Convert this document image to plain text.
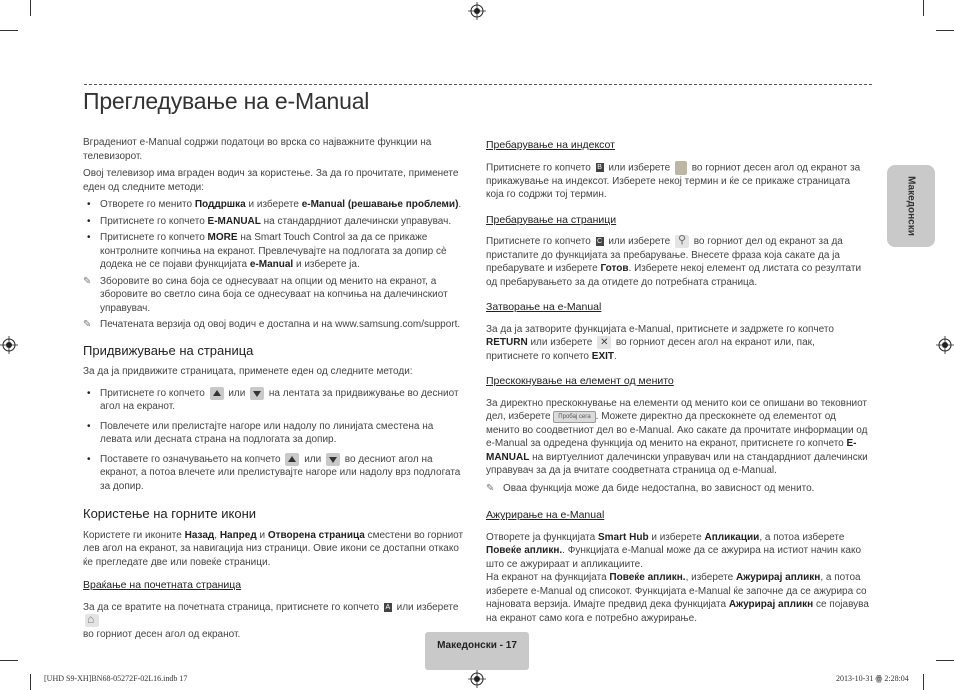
Прегледување на е-Manual

Вградениот e-Manual содржи податоци во врска со најважните функции на телевизорот.

Овој телевизор има вграден водич за користење. За да го прочитате, применете еден од следните методи:

• Отворете го менито Поддршка и изберете e-Manual (решавање проблеми).
• Притиснете го копчето E-MANUAL на стандардниот далечински управувач.
• Притиснете го копчето MORE на Smart Touch Control за да се прикаже контролните копчиња на екранот. Превлечувајте на подлогата за допир сè додека не се појави функцијата e-Manual и изберете ја.
✎ Зборовите во сина боја се однесуваат на опции од менито на екранот, а зборовите во светло сина боја се однесуваат на копчиња на далечинскиот управувач.
✎ Печатената верзија од овој водич е достапна и на www.samsung.com/support.
Придвижување на страница

За да ја придвижите страницата, применете еден од следните методи:

• Притиснете го копчето или на лентата за придвижување во десниот агол на екранот.
• Повлечете или прелистајте нагоре или надолу по линијата сместена на левата или десната страна на подлогата за допир.
• Поставете го означувањето на копчето или во десниот агол на екранот, а потоа влечете или прелистувајте нагоре или надолу врз подлогата за допир.
Користење на горните икони

Користете ги иконите Назад, Напред и Отворена страница сместени во горниот лев агол на екранот, за навигација низ страници. Овие икони се достапни откако ќе прегледате две или повеќе страници.

Враќање на почетната страница

За да се вратите на почетната страница, притиснете го копчето A или изберете ⌂
во горниот десен агол од екранот.

Пребарување на индексот

Притиснете го копчето B или изберете во горниот десен агол од екранот за прикажување на индексот. Изберете некој термин и ќе се прикаже страницата која го содржи тој термин.

Пребарување на страници

Притиснете го копчето C или изберете ⚲ во горниот дел од екранот за да пристапите до функцијата за пребарување. Внесете фраза која сакате да ја пребарувате и изберете Готов. Изберете некој елемент од листата со резултати од пребарувањето за да отидете до потребната страница.

Затворање на e-Manual

За да ја затворите функцијата e-Manual, притиснете и задржете го копчето RETURN или изберете ✕ во горниот десен агол на екранот или, пак, притиснете го копчето EXIT.

Прескокнување на елемент од менито

За директно прескокнување на елементи од менито кои се опишани во тековниот дел, изберете Пробај сега . Можете директно да прескокнете од елементот од менито во соодветниот дел во e-Manual. Ако сакате да прочитате информации од e-Manual за одредена функција од менито на екранот, притиснете го копчето E-MANUAL на виртуелниот далечински управувач или на стандардниот далечински управувач за да ја вчитате соодветната страница од e-Manual.

✎ Оваа функција може да биде недостапна, во зависност од менито.
Ажурирање на e-Manual

Отворете ја функцијата Smart Hub и изберете Апликации, а потоа изберете Повеќе апликн.. Функцијата e-Manual може да се ажурира на истиот начин како што се ажурираат и апликациите.

На екранот на функцијата Повеќе апликн., изберете Ажурирај апликн, а потоа изберете e-Manual од списокот. Функцијата e-Manual ќе започне да се ажурира со најновата верзија. Имајте предвид дека функцијата Ажурирај апликн се појавува на екранот само кога е потребно ажурирање.

Македонски
Македонски - 17
[UHD S9-XH]BN68-05272F-02L16.indb 17	2013-10-31 ꙮ 2:28:04
